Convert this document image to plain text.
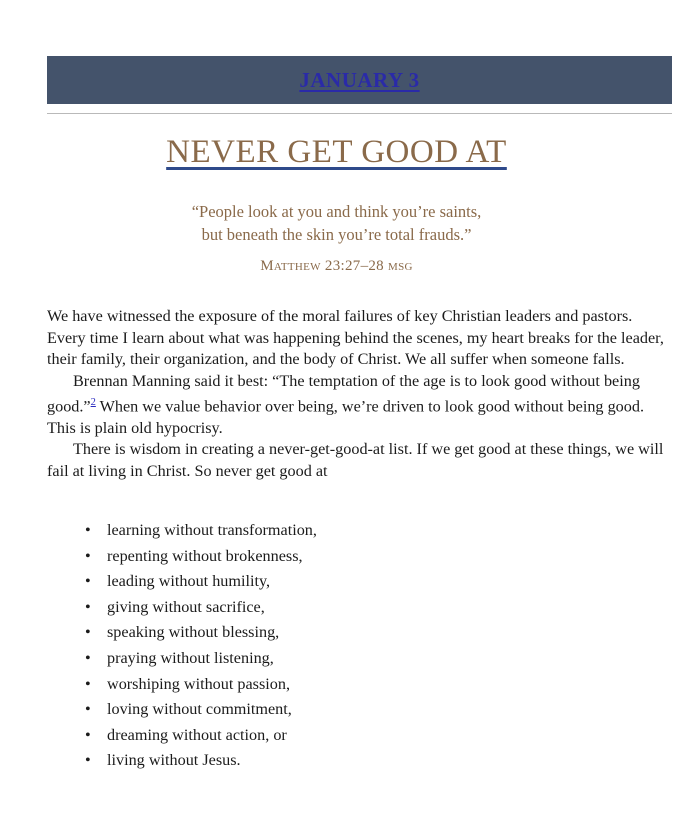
JANUARY 3
NEVER GET GOOD AT
“People look at you and think you’re saints,
but beneath the skin you’re total frauds.”
Matthew 23:27–28 msg

We have witnessed the exposure of the moral failures of key Christian leaders and pastors. Every time I learn about what was happening behind the scenes, my heart breaks for the leader, their family, their organization, and the body of Christ. We all suffer when someone falls.

Brennan Manning said it best: “The temptation of the age is to look good without being good.”$^2$ When we value behavior over being, we’re driven to look good without being good. This is plain old hypocrisy.

There is wisdom in creating a never-get-good-at list. If we get good at these things, we will fail at living in Christ. So never get good at

• learning without transformation,
• repenting without brokenness,
• leading without humility,
• giving without sacrifice,
• speaking without blessing,
• praying without listening,
• worshiping without passion,
• loving without commitment,
• dreaming without action, or
• living without Jesus.
